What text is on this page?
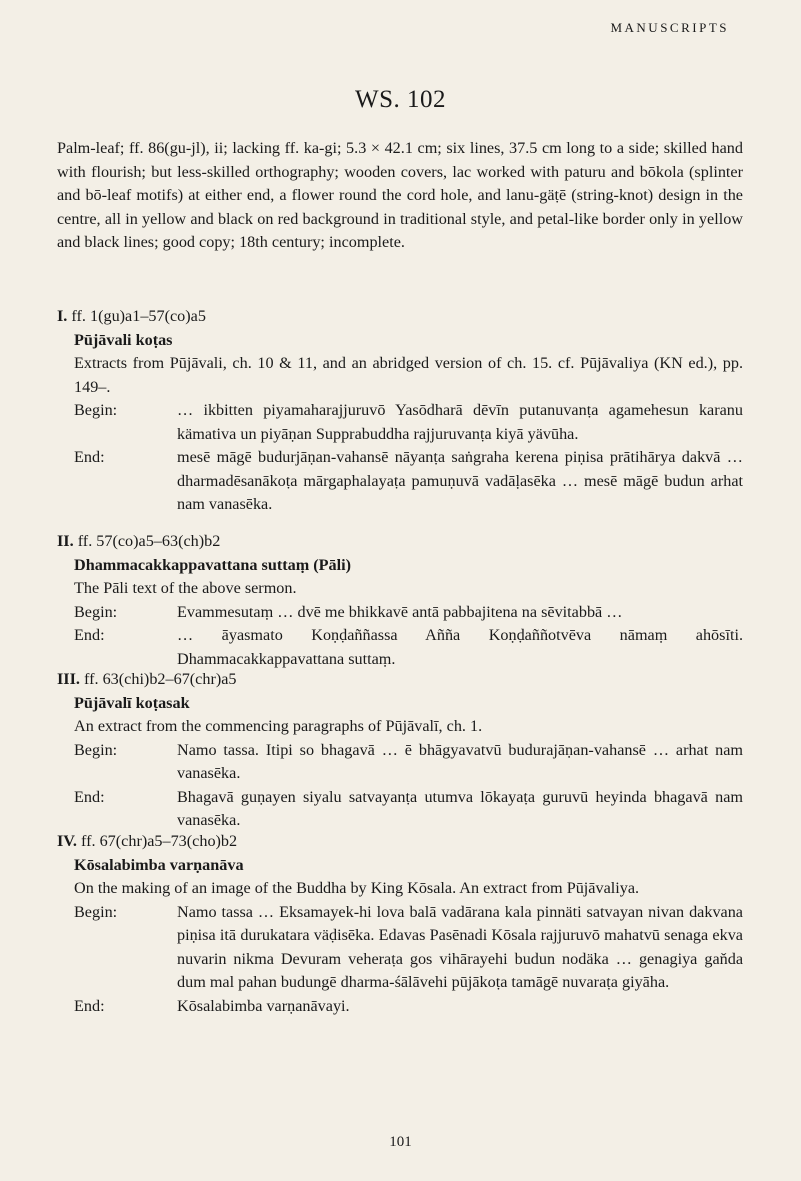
MANUSCRIPTS
WS. 102

Palm-leaf; ff. 86(gu-jl), ii; lacking ff. ka-gi; 5.3 × 42.1 cm; six lines, 37.5 cm long to a side; skilled hand with flourish; but less-skilled orthography; wooden covers, lac worked with paturu and bōkola (splinter and bō-leaf motifs) at either end, a flower round the cord hole, and lanu-gäṭē (string-knot) design in the centre, all in yellow and black on red background in traditional style, and petal-like border only in yellow and black lines; good copy; 18th century; incomplete.

I. ff. 1(gu)a1–57(co)a5

Pūjāvali koṭas

Extracts from Pūjāvali, ch. 10 & 11, and an abridged version of ch. 15. cf. Pūjāvaliya (KN ed.), pp. 149–.

Begin:	… ikbitten piyamaharajjuruvō Yasōdharā dēvīn putanuvanṭa agamehesun karanu kämativa un piyāṇan Supprabuddha rajjuruvanṭa kiyā yävūha.
End:	mesē māgē budurjāṇan-vahansē nāyanṭa saṅgraha kerena piṇisa prātihārya dakvā … dharmadēsanākoṭa mārgaphalayaṭa pamuṇuvā vadāḷasēka … mesē māgē budun arhat nam vanasēka.

II. ff. 57(co)a5–63(ch)b2

Dhammacakkappavattana suttaṃ (Pāli)

The Pāli text of the above sermon.

Begin:	Evammesutaṃ … dvē me bhikkavē antā pabbajitena na sēvitabbā …
End:	… āyasmato Koṇḍaññassa Añña Koṇḍaññotvēva nāmaṃ ahōsīti. Dhammacakkappavattana suttaṃ.

III. ff. 63(chi)b2–67(chr)a5

Pūjāvalī koṭasak

An extract from the commencing paragraphs of Pūjāvalī, ch. 1.

Begin:	Namo tassa. Itipi so bhagavā … ē bhāgyavatvū budurajāṇan-vahansē … arhat nam vanasēka.
End:	Bhagavā guṇayen siyalu satvayanṭa utumva lōkayaṭa guruvū heyinda bhagavā nam vanasēka.

IV. ff. 67(chr)a5–73(cho)b2

Kōsalabimba varṇanāva

On the making of an image of the Buddha by King Kōsala. An extract from Pūjāvaliya.

Begin:	Namo tassa … Eksamayek-hi lova balā vadārana kala pinnäti satvayan nivan dakvana piṇisa itā durukatara väḍisēka. Edavas Pasēnadi Kōsala rajjuruvō mahatvū senaga ekva nuvarin nikma Devuram veheraṭa gos vihārayehi budun nodäka … genagiya gaňda dum mal pahan budungē dharma-śālāvehi pūjākoṭa tamāgē nuvaraṭa giyāha.
End:	Kōsalabimba varṇanāvayi.
101
